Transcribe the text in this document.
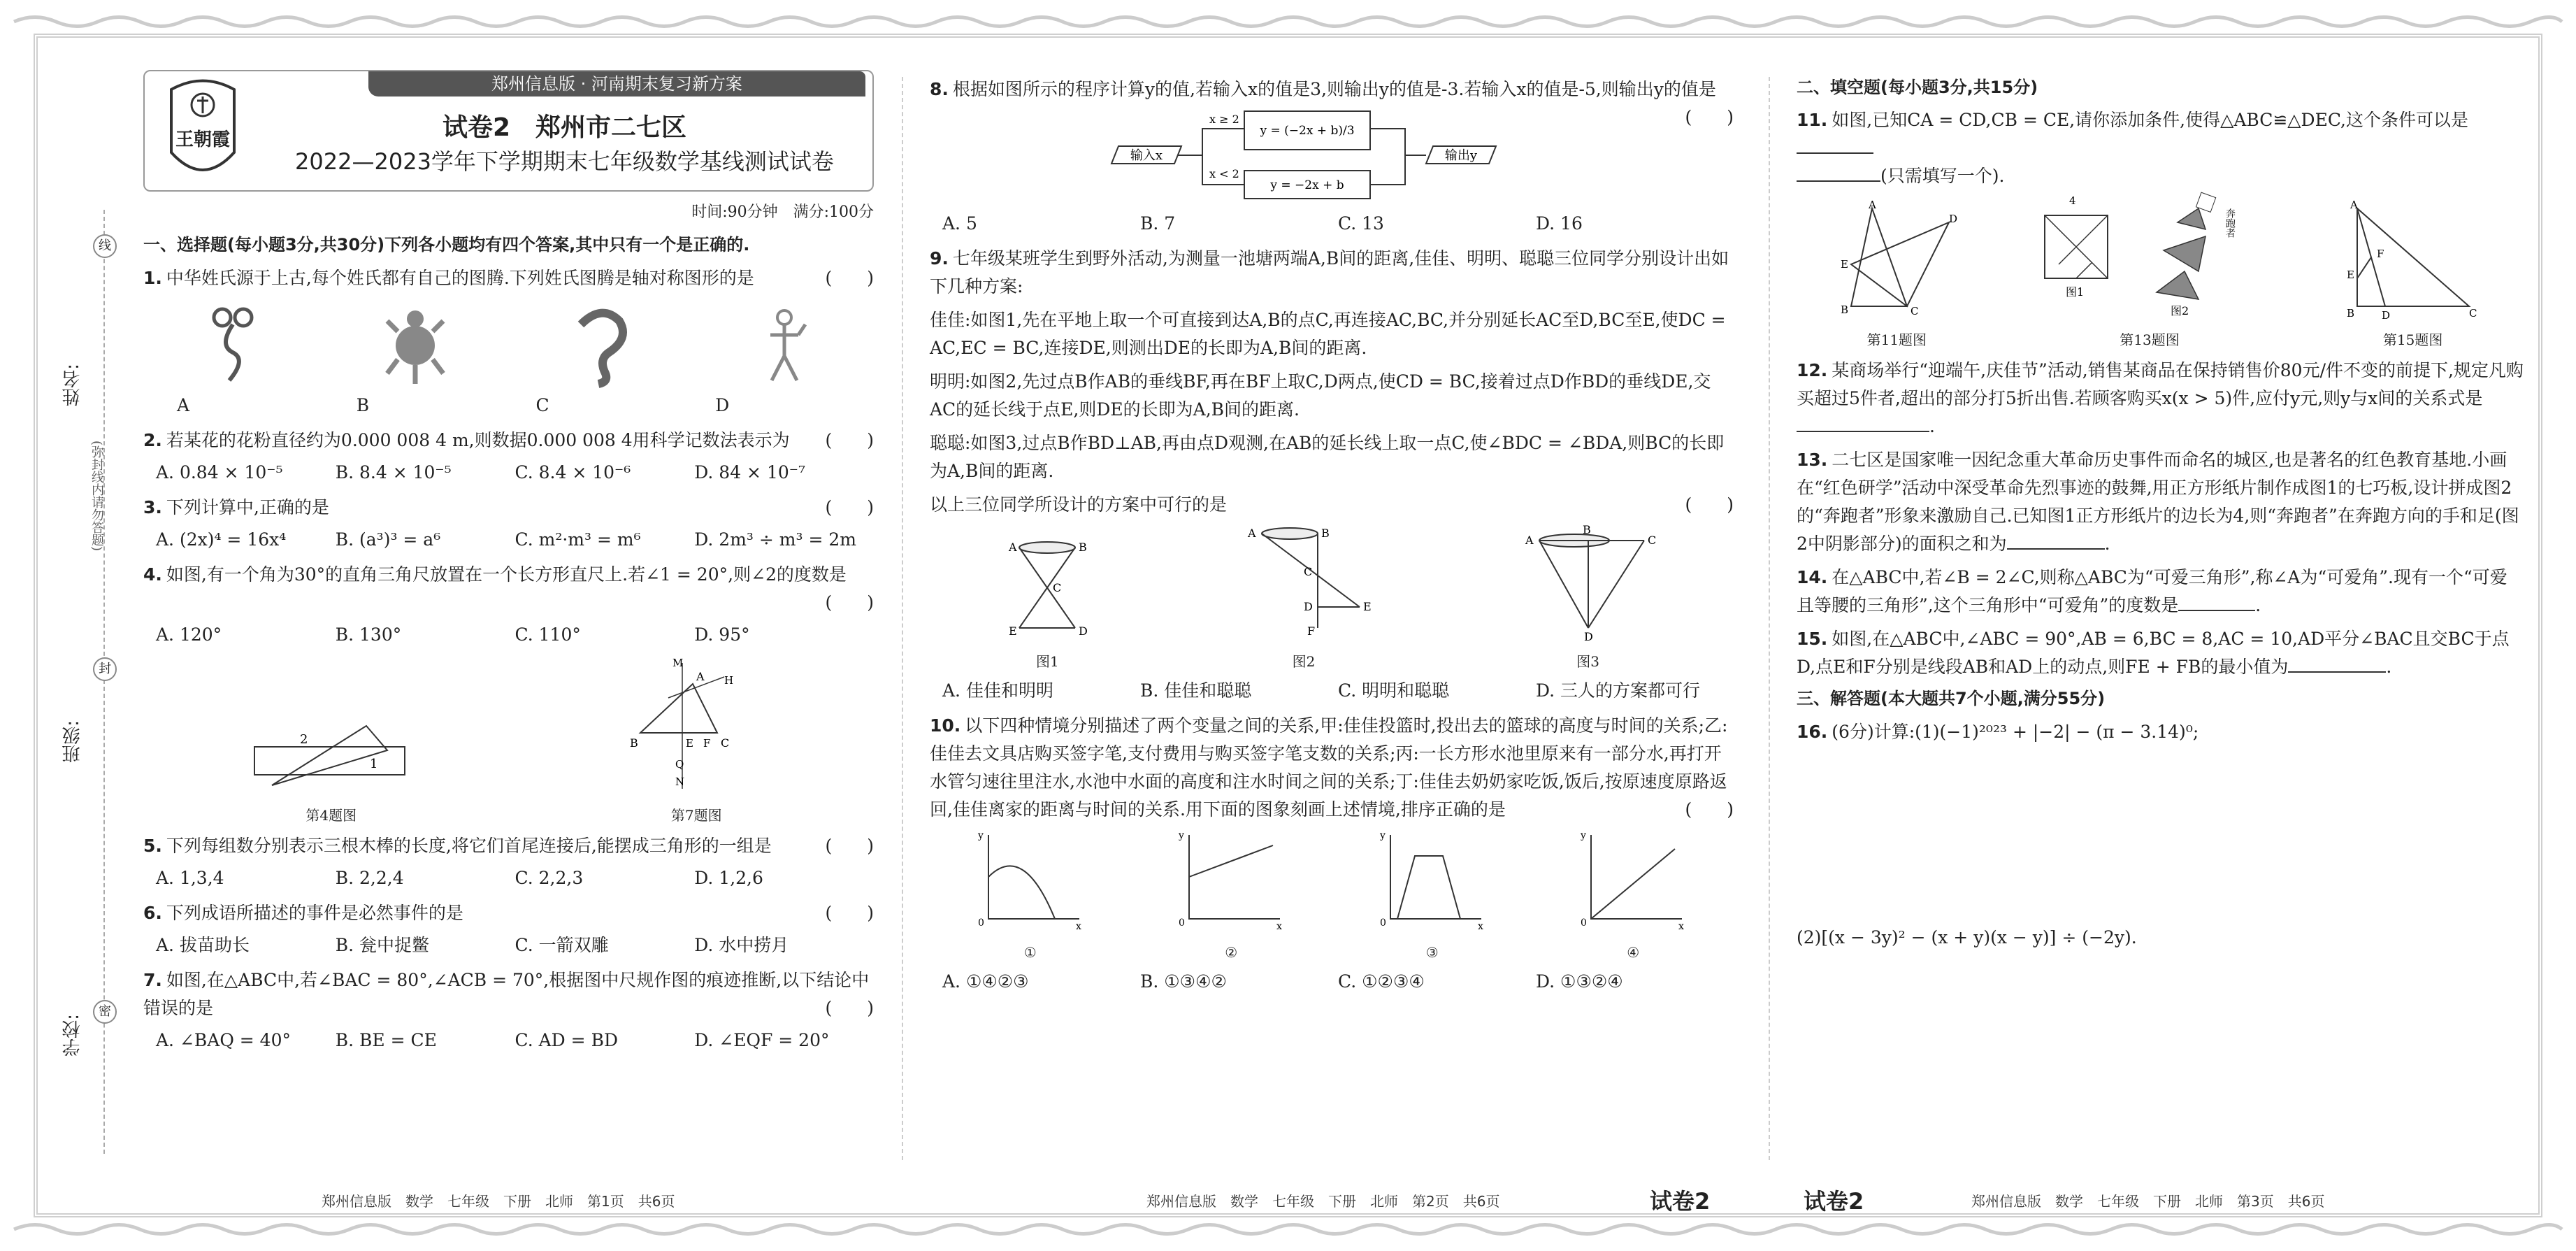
姓名:
班级:
学校:
线
封
密
(弥封线内请勿答题)
郑州信息版 · 河南期末复习新方案
王朝霞	试卷2　郑州市二七区
2022—2023学年下学期期末七年级数学基线测试试卷
时间:90分钟　满分:100分
一、选择题(每小题3分,共30分)下列各小题均有四个答案,其中只有一个是正确的.
1. 中华姓氏源于上古,每个姓氏都有自己的图腾.下列姓氏图腾是轴对称图形的是	(　　)
A	B	C	D
2. 若某花的花粉直径约为0.000 008 4 m,则数据0.000 008 4用科学记数法表示为 (　　)
A. 0.84 × 10⁻⁵	B. 8.4 × 10⁻⁵	C. 8.4 × 10⁻⁶	D. 84 × 10⁻⁷
3. 下列计算中,正确的是	(　　)
A. (2x)⁴ = 16x⁴	B. (a³)³ = a⁶	C. m²·m³ = m⁶	D. 2m³ ÷ m³ = 2m
4. 如图,有一个角为30°的直角三角尺放置在一个长方形直尺上.若∠1 = 20°,则∠2的度数是
(　　)
A. 120°	B. 130°	C. 110°	D. 95°
2
1
第4题图
B	C
A
M
Q
N
E F
H
第7题图
5. 下列每组数分别表示三根木棒的长度,将它们首尾连接后,能摆成三角形的一组是	(　　)
A. 1,3,4	B. 2,2,4	C. 2,2,3	D. 1,2,6
6. 下列成语所描述的事件是必然事件的是	(　　)
A. 拔苗助长	B. 瓮中捉鳖	C. 一箭双雕	D. 水中捞月
7. 如图,在△ABC中,若∠BAC = 80°,∠ACB = 70°,根据图中尺规作图的痕迹推断,以下结论中错误的是	(　　)
A. ∠BAQ = 40°	B. BE = CE	C. AD = BD	D. ∠EQF = 20°
8. 根据如图所示的程序计算y的值,若输入x的值是3,则输出y的值是-3.若输入x的值是-5,则输出y的值是
(　　)
输入x
x ≥ 2
x < 2
y = (−2x + b)/3
y = −2x + b
输出y
A. 5	B. 7	C. 13	D. 16
9. 七年级某班学生到野外活动,为测量一池塘两端A,B间的距离,佳佳、明明、聪聪三位同学分别设计出如下几种方案:
佳佳:如图1,先在平地上取一个可直接到达A,B的点C,再连接AC,BC,并分别延长AC至D,BC至E,使DC = AC,EC = BC,连接DE,则测出DE的长即为A,B间的距离.
明明:如图2,先过点B作AB的垂线BF,再在BF上取C,D两点,使CD = BC,接着过点D作BD的垂线DE,交AC的延长线于点E,则DE的长即为A,B间的距离.
聪聪:如图3,过点B作BD⊥AB,再由点D观测,在AB的延长线上取一点C,使∠BDC = ∠BDA,则BC的长即为A,B间的距离.
以上三位同学所设计的方案中可行的是	(　　)
A	B
C
E	D
图1
A	B
C
D	E
F
图2
A
B
C
D
图3
A. 佳佳和明明	B. 佳佳和聪聪	C. 明明和聪聪	D. 三人的方案都可行
10. 以下四种情境分别描述了两个变量之间的关系,甲:佳佳投篮时,投出去的篮球的高度与时间的关系;乙:佳佳去文具店购买签字笔,支付费用与购买签字笔支数的关系;丙:一长方形水池里原来有一部分水,再打开水管匀速往里注水,水池中水面的高度和注水时间之间的关系;丁:佳佳去奶奶家吃饭,饭后,按原速度原路返回,佳佳离家的距离与时间的关系.用下面的图象刻画上述情境,排序正确的是	(　　)
y
0	x
①
y
0	x
②
y
0	x
③
y
0	x
④
A. ①④②③	B. ①③④②	C. ①②③④	D. ①③②④
二、填空题(每小题3分,共15分)
11. 如图,已知CA = CD,CB = CE,请你添加条件,使得△ABC≌△DEC,这个条件可以是
(只需填写一个).
A
E
B	C
D
第11题图
4
奔跑者
图1
图2
第13题图
A
E
F
B	D	C
第15题图
12. 某商场举行“迎端午,庆佳节”活动,销售某商品在保持销售价80元/件不变的前提下,规定凡购买超过5件者,超出的部分打5折出售.若顾客购买x(x > 5)件,应付y元,则y与x间的关系式是.
13. 二七区是国家唯一因纪念重大革命历史事件而命名的城区,也是著名的红色教育基地.小画在“红色研学”活动中深受革命先烈事迹的鼓舞,用正方形纸片制作成图1的七巧板,设计拼成图2的“奔跑者”形象来激励自己.已知图1正方形纸片的边长为4,则“奔跑者”在奔跑方向的手和足(图2中阴影部分)的面积之和为	.
14. 在△ABC中,若∠B = 2∠C,则称△ABC为“可爱三角形”,称∠A为“可爱角”.现有一个“可爱且等腰的三角形”,这个三角形中“可爱角”的度数是	.
15. 如图,在△ABC中,∠ABC = 90°,AB = 6,BC = 8,AC = 10,AD平分∠BAC且交BC于点D,点E和F分别是线段AB和AD上的动点,则FE + FB的最小值为	.
三、解答题(本大题共7个小题,满分55分)
16. (6分)计算:(1)(−1)²⁰²³ + |−2| − (π − 3.14)⁰;
(2)[(x − 3y)² − (x + y)(x − y)] ÷ (−2y).
郑州信息版　数学　七年级　下册　北师　第1页　共6页	郑州信息版　数学　七年级　下册　北师　第2页　共6页	试卷2	试卷2	郑州信息版　数学　七年级　下册　北师　第3页　共6页
